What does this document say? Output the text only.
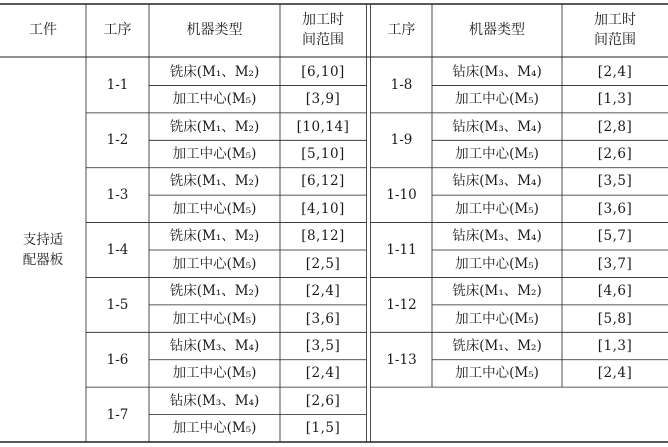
工件	工序	机器类型
加工时
间范围
工序	机器类型
加工时
间范围
支持适
配器板
1-1
铣床(M₁、M₂)	[6,10]
加工中心(M₅)	[3,9]
1-2
铣床(M₁、M₂)	[10,14]
加工中心(M₅)	[5,10]
1-3
铣床(M₁、M₂)	[6,12]
加工中心(M₅)	[4,10]
1-4
铣床(M₁、M₂)	[8,12]
加工中心(M₅)	[2,5]
1-5
铣床(M₁、M₂)	[2,4]
加工中心(M₅)	[3,6]
1-6
钻床(M₃、M₄)	[3,5]
加工中心(M₅)	[2,4]
1-7
钻床(M₃、M₄)	[2,6]
加工中心(M₅)	[1,5]
1-8
钻床(M₃、M₄)	[2,4]
加工中心(M₅)	[1,3]
1-9
钻床(M₃、M₄)	[2,8]
加工中心(M₅)	[2,6]
1-10
钻床(M₃、M₄)	[3,5]
加工中心(M₅)	[3,6]
1-11
钻床(M₃、M₄)	[5,7]
加工中心(M₅)	[3,7]
1-12
铣床(M₁、M₂)	[4,6]
加工中心(M₅)	[5,8]
1-13
铣床(M₁、M₂)	[1,3]
加工中心(M₅)	[2,4]
